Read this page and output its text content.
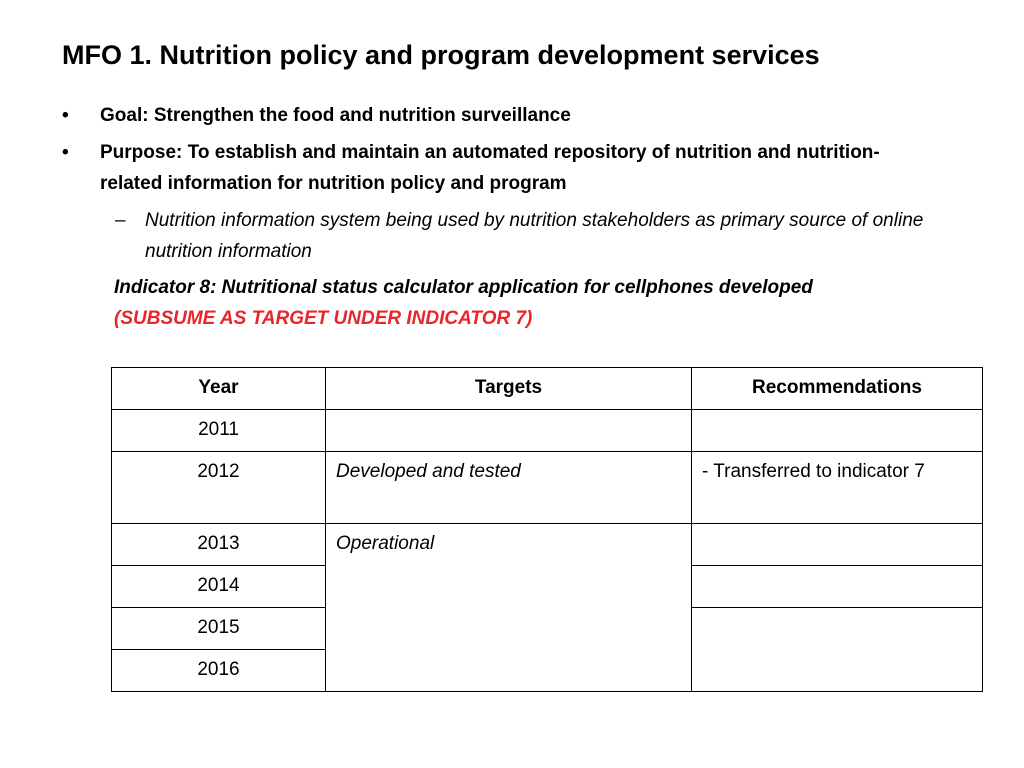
MFO 1. Nutrition policy and program development services
•	Goal: Strengthen the food and nutrition surveillance
•	Purpose: To establish and maintain an automated repository of nutrition and nutrition-related information for nutrition policy and program
–	Nutrition information system being used by nutrition stakeholders as primary source of online nutrition information
Indicator 8: Nutritional status calculator application for cellphones developed
(SUBSUME AS TARGET UNDER INDICATOR 7)
Year	Targets	Recommendations
2011		
2012	Developed and tested	- Transferred to indicator 7
2013	Operational	
2014		
2015		
2016		
